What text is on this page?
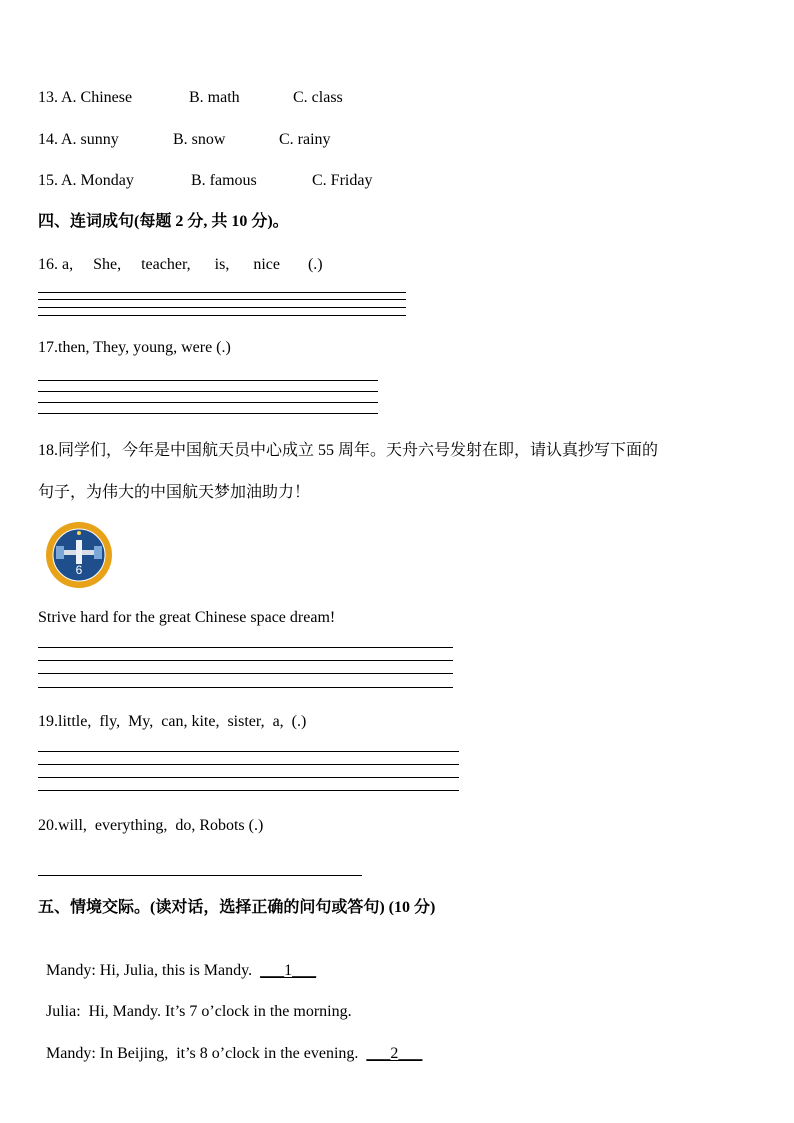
13. A. Chinese	B. math	C. class
14. A. sunny	B. snow	C. rainy
15. A. Monday	B. famous	C. Friday
四、连词成句(每题 2 分, 共 10 分)。
16. a,     She,     teacher,      is,      nice       (.)
17.then, They, young, were (.)
18.同学们，今年是中国航天员中心成立 55 周年。天舟六号发射在即，请认真抄写下面的
句子，为伟大的中国航天梦加油助力！
6
Strive hard for the great Chinese space dream!
19.little,  fly,  My,  can, kite,  sister,  a,  (.)
20.will,  everything,  do, Robots (.)
五、情境交际。(读对话，选择正确的问句或答句) (10 分)

Mandy: Hi, Julia, this is Mandy.  ___1___

Julia:  Hi, Mandy. It’s 7 o’clock in the morning.

Mandy: In Beijing,  it’s 8 o’clock in the evening.  ___2___
